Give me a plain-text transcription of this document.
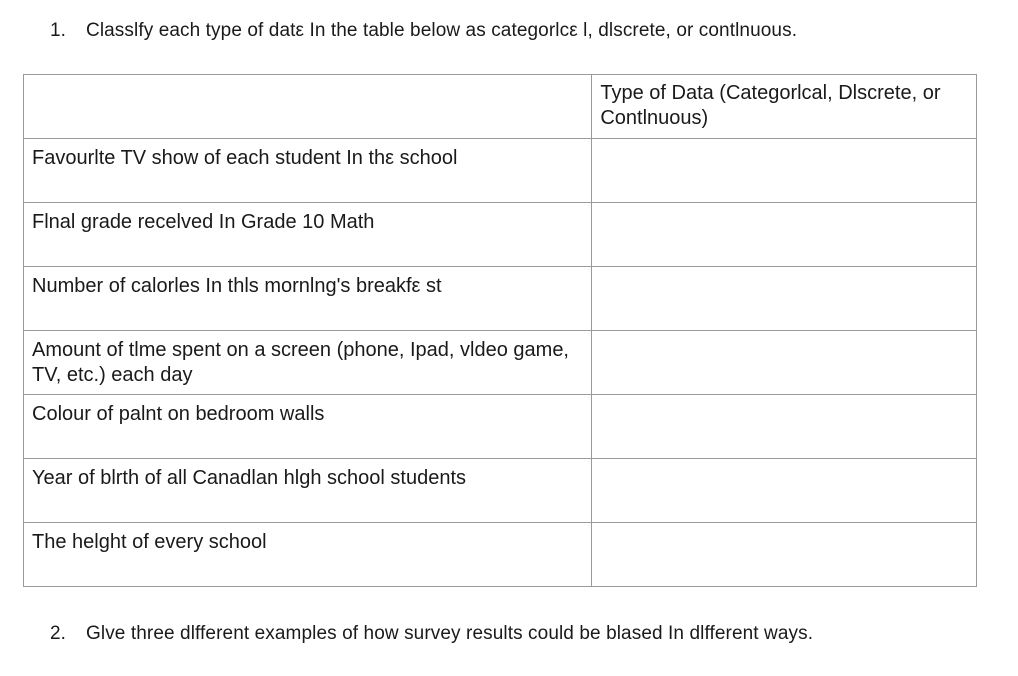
1. Classlfy each type of datε In the table below as categorlcε l, dlscrete, or contlnuous.
	Type of Data (Categorlcal, Dlscrete, or Contlnuous)
Favourlte TV show of each student In thε school	
Flnal grade recelved In Grade 10 Math	
Number of calorles In thls mornlng's breakfε st	
Amount of tlme spent on a screen (phone, Ipad, vldeo game, TV, etc.) each day	
Colour of palnt on bedroom walls	
Year of blrth of all Canadlan hlgh school students	
The helght of every school	
2. Glve three dlfferent examples of how survey results could be blased In dlfferent ways.
